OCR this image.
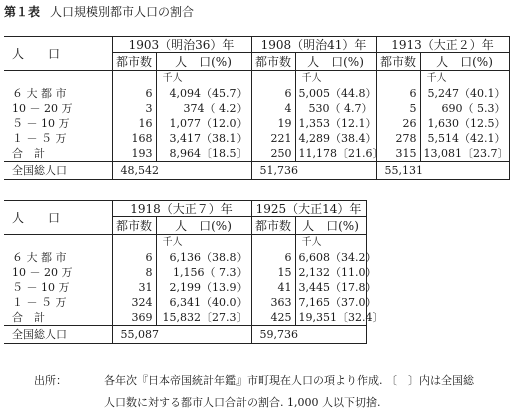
第１表 人口規模別都市人口の割合
人　　口	1903（明治36）年		1908（明治41）年		1913（大正２）年	
	都市数	人　口(%)	都市数	人　口(%)	都市数	人　口(%)
		千人		千人		千人
６ 大 都 市	6	4,094（45.7）	6	5,005（44.8）	6	5,247（40.1）
10 － 20 万	3	374（ 4.2）	4	530（ 4.7）	5	690（ 5.3）
５ － 10 万	16	1,077（12.0）	19	1,353（12.1）	26	1,630（12.5）
１ － ５ 万	168	3,417（38.1）	221	4,289（38.4）	278	5,514（42.1）
合　計	193	8,964〔18.5〕	250	11,178〔21.6〕	315	13,081〔23.7〕
全国総人口	48,542		51,736		55,131	
人　　口	1918（大正７）年		1925（大正14）年	
	都市数	人　口(%)	都市数	人　口(%)
		千人		千人
６ 大 都 市	6	6,136（38.8）	6	6,608（34.2）
10 － 20 万	8	1,156（ 7.3）	15	2,132（11.0）
５ － 10 万	31	2,199（13.9）	41	3,445（17.8）
１ － ５ 万	324	6,341（40.0）	363	7,165（37.0）
合　計	369	15,832〔27.3〕	425	19,351〔32.4〕
全国総人口	55,087		59,736	
出所：	各年次『日本帝国統計年鑑』市町現在人口の項より作成. 〔　〕内は全国総
人口数に対する都市人口合計の割合. 1,000 人以下切捨.
